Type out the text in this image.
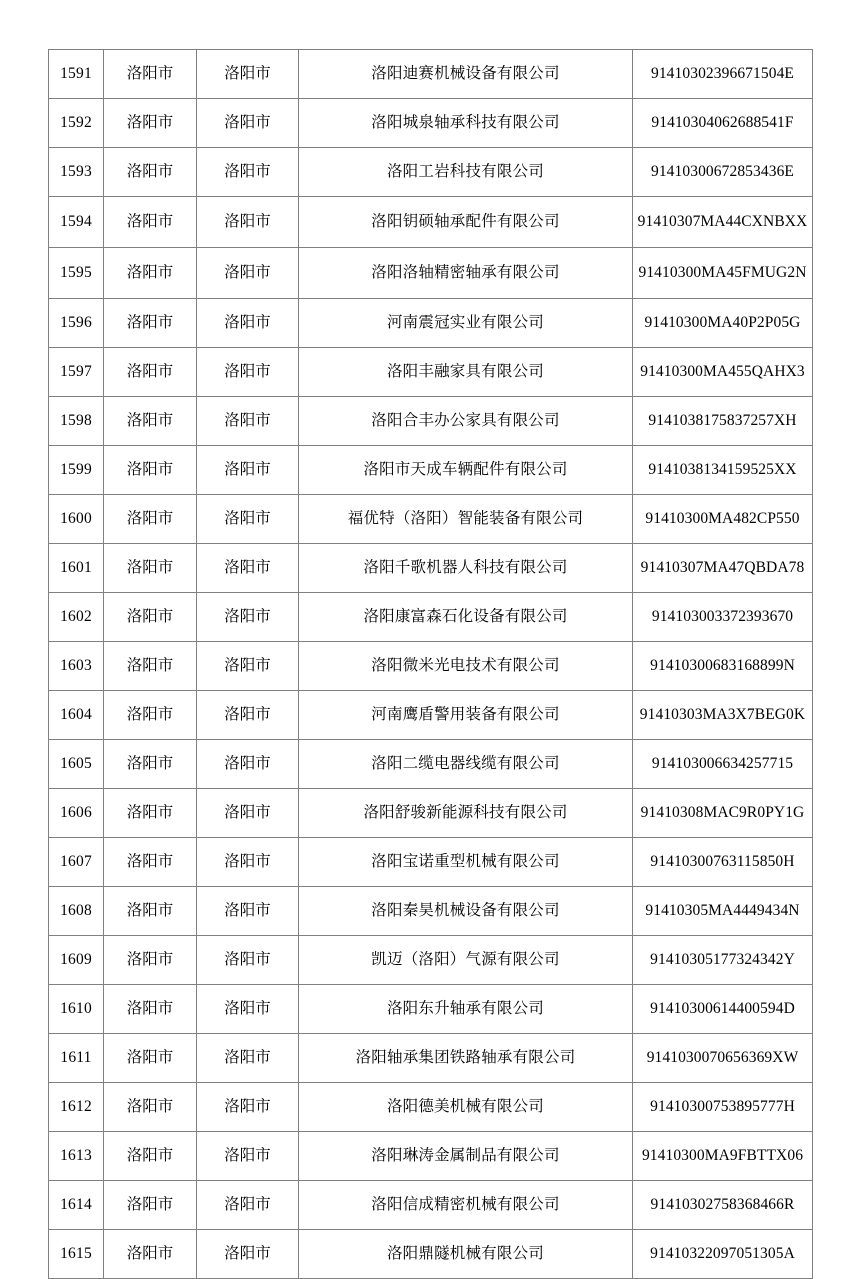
1591	洛阳市	洛阳市	洛阳迪赛机械设备有限公司	91410302396671504E
1592	洛阳市	洛阳市	洛阳城泉轴承科技有限公司	91410304062688541F
1593	洛阳市	洛阳市	洛阳工岩科技有限公司	91410300672853436E
1594	洛阳市	洛阳市	洛阳钥硕轴承配件有限公司	91410307MA44CXNBXX
1595	洛阳市	洛阳市	洛阳洛轴精密轴承有限公司	91410300MA45FMUG2N
1596	洛阳市	洛阳市	河南震冠实业有限公司	91410300MA40P2P05G
1597	洛阳市	洛阳市	洛阳丰融家具有限公司	91410300MA455QAHX3
1598	洛阳市	洛阳市	洛阳合丰办公家具有限公司	9141038175837257XH
1599	洛阳市	洛阳市	洛阳市天成车辆配件有限公司	9141038134159525XX
1600	洛阳市	洛阳市	福优特（洛阳）智能装备有限公司	91410300MA482CP550
1601	洛阳市	洛阳市	洛阳千歌机器人科技有限公司	91410307MA47QBDA78
1602	洛阳市	洛阳市	洛阳康富森石化设备有限公司	914103003372393670
1603	洛阳市	洛阳市	洛阳微米光电技术有限公司	91410300683168899N
1604	洛阳市	洛阳市	河南鹰盾警用装备有限公司	91410303MA3X7BEG0K
1605	洛阳市	洛阳市	洛阳二缆电器线缆有限公司	914103006634257715
1606	洛阳市	洛阳市	洛阳舒骏新能源科技有限公司	91410308MAC9R0PY1G
1607	洛阳市	洛阳市	洛阳宝诺重型机械有限公司	91410300763115850H
1608	洛阳市	洛阳市	洛阳秦昊机械设备有限公司	91410305MA4449434N
1609	洛阳市	洛阳市	凯迈（洛阳）气源有限公司	91410305177324342Y
1610	洛阳市	洛阳市	洛阳东升轴承有限公司	91410300614400594D
1611	洛阳市	洛阳市	洛阳轴承集团铁路轴承有限公司	9141030070656369XW
1612	洛阳市	洛阳市	洛阳德美机械有限公司	91410300753895777H
1613	洛阳市	洛阳市	洛阳琳涛金属制品有限公司	91410300MA9FBTTX06
1614	洛阳市	洛阳市	洛阳信成精密机械有限公司	91410302758368466R
1615	洛阳市	洛阳市	洛阳鼎隧机械有限公司	91410322097051305A
